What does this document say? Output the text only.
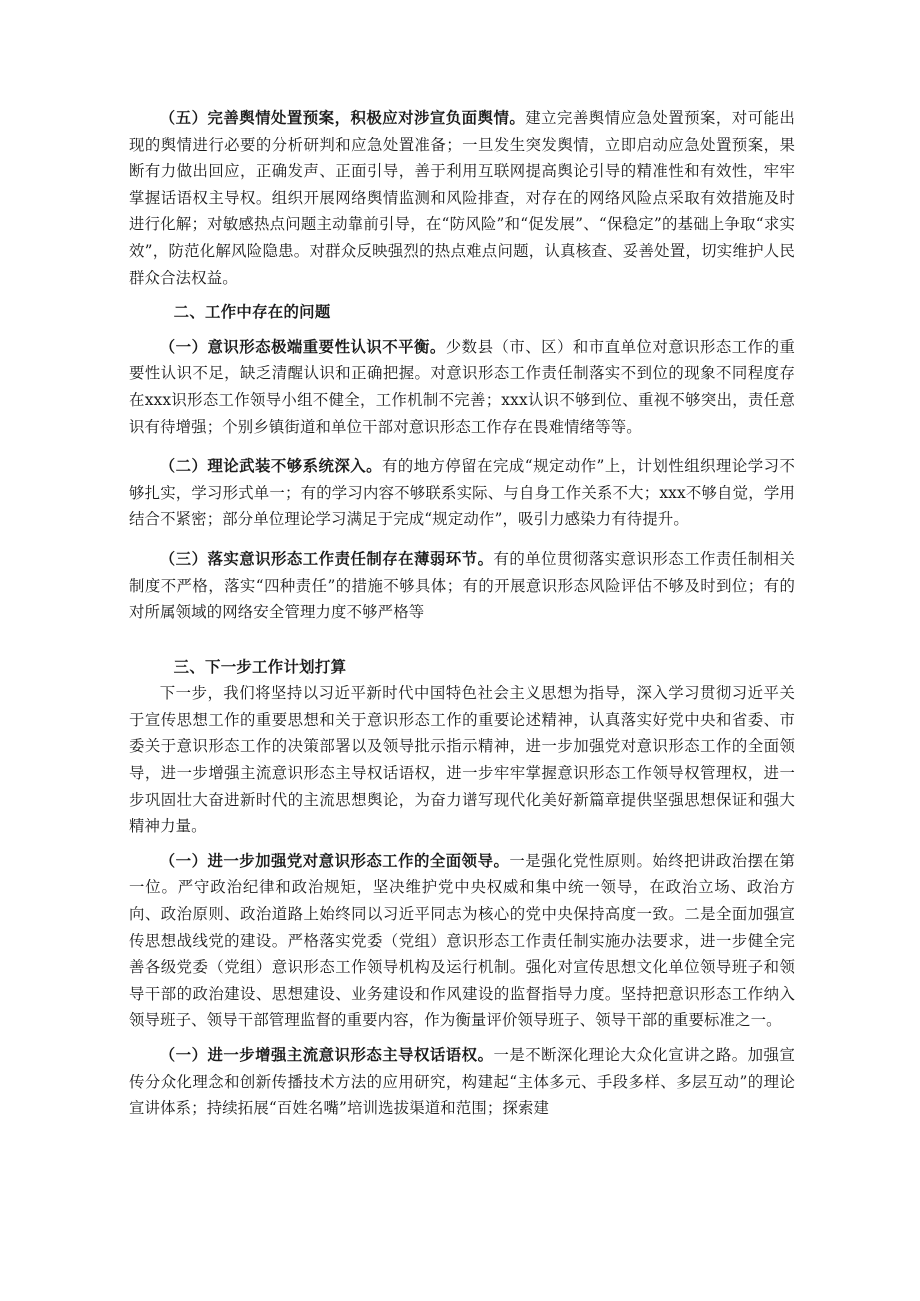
（五）完善舆情处置预案，积极应对涉宣负面舆情。建立完善舆情应急处置预案，对可能出现的舆情进行必要的分析研判和应急处置准备；一旦发生突发舆情，立即启动应急处置预案，果断有力做出回应，正确发声、正面引导，善于利用互联网提高舆论引导的精准性和有效性，牢牢掌握话语权主导权。组织开展网络舆情监测和风险排查，对存在的网络风险点采取有效措施及时进行化解；对敏感热点问题主动靠前引导，在“防风险”和“促发展”、“保稳定”的基础上争取“求实效”，防范化解风险隐患。对群众反映强烈的热点难点问题，认真核查、妥善处置，切实维护人民群众合法权益。

二、工作中存在的问题

（一）意识形态极端重要性认识不平衡。少数县（市、区）和市直单位对意识形态工作的重要性认识不足，缺乏清醒认识和正确把握。对意识形态工作责任制落实不到位的现象不同程度存在xxx识形态工作领导小组不健全，工作机制不完善；xxx认识不够到位、重视不够突出，责任意识有待增强；个别乡镇街道和单位干部对意识形态工作存在畏难情绪等等。

（二）理论武装不够系统深入。有的地方停留在完成“规定动作”上，计划性组织理论学习不够扎实，学习形式单一；有的学习内容不够联系实际、与自身工作关系不大；xxx不够自觉，学用结合不紧密；部分单位理论学习满足于完成“规定动作”，吸引力感染力有待提升。

（三）落实意识形态工作责任制存在薄弱环节。有的单位贯彻落实意识形态工作责任制相关制度不严格，落实“四种责任”的措施不够具体；有的开展意识形态风险评估不够及时到位；有的对所属领域的网络安全管理力度不够严格等

三、下一步工作计划打算

下一步，我们将坚持以习近平新时代中国特色社会主义思想为指导，深入学习贯彻习近平关于宣传思想工作的重要思想和关于意识形态工作的重要论述精神，认真落实好党中央和省委、市委关于意识形态工作的决策部署以及领导批示指示精神，进一步加强党对意识形态工作的全面领导，进一步增强主流意识形态主导权话语权，进一步牢牢掌握意识形态工作领导权管理权，进一步巩固壮大奋进新时代的主流思想舆论，为奋力谱写现代化美好新篇章提供坚强思想保证和强大精神力量。

（一）进一步加强党对意识形态工作的全面领导。一是强化党性原则。始终把讲政治摆在第一位。严守政治纪律和政治规矩，坚决维护党中央权威和集中统一领导，在政治立场、政治方向、政治原则、政治道路上始终同以习近平同志为核心的党中央保持高度一致。二是全面加强宣传思想战线党的建设。严格落实党委（党组）意识形态工作责任制实施办法要求，进一步健全完善各级党委（党组）意识形态工作领导机构及运行机制。强化对宣传思想文化单位领导班子和领导干部的政治建设、思想建设、业务建设和作风建设的监督指导力度。坚持把意识形态工作纳入领导班子、领导干部管理监督的重要内容，作为衡量评价领导班子、领导干部的重要标准之一。

（一）进一步增强主流意识形态主导权话语权。一是不断深化理论大众化宣讲之路。加强宣传分众化理念和创新传播技术方法的应用研究，构建起“主体多元、手段多样、多层互动”的理论宣讲体系；持续拓展“百姓名嘴”培训选拔渠道和范围；探索建
